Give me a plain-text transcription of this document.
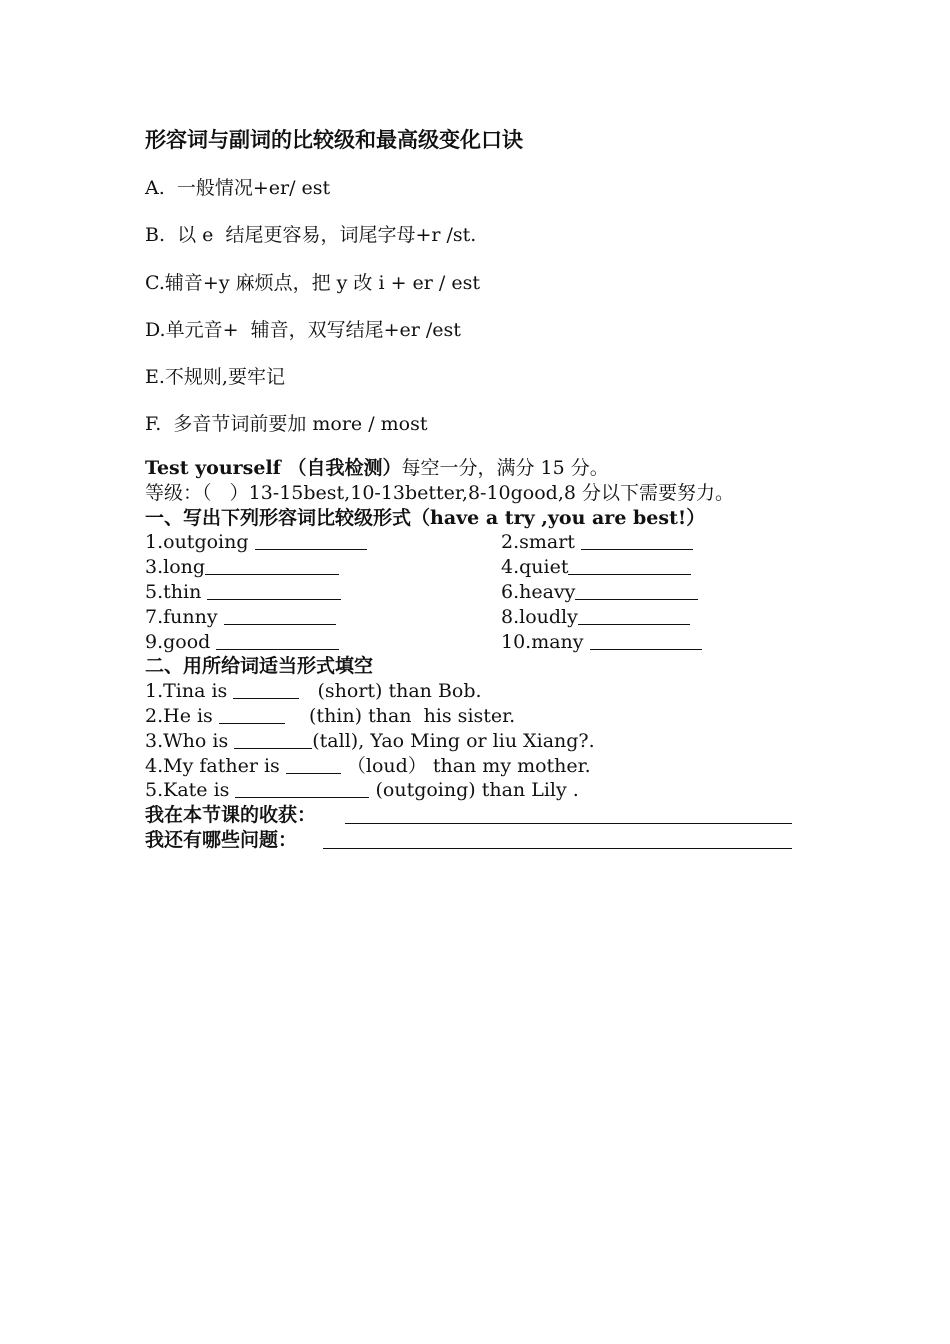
形容词与副词的比较级和最高级变化口诀
A.  一般情况+er/ est
B.  以 e  结尾更容易，词尾字母+r /st.
C.辅音+y 麻烦点，把 y 改 i + er / est
D.单元音+  辅音，双写结尾+er /est
E.不规则,要牢记
F.  多音节词前要加 more / most
Test yourself （自我检测）每空一分，满分 15 分。
等级：（   ）13-15best,10-13better,8-10good,8 分以下需要努力。
一、写出下列形容词比较级形式（have a try ,you are best!）
1.outgoing	2.smart
3.long	4.quiet
5.thin	6.heavy
7.funny	8.loudly
9.good	10.many
二、用所给词适当形式填空
1.Tina is	(short) than Bob.
2.He is	(thin) than  his sister.
3.Who is	(tall), Yao Ming or liu Xiang?.
4.My father is	（loud） than my mother.
5.Kate is	(outgoing) than Lily .
我在本节课的收获：
我还有哪些问题：
